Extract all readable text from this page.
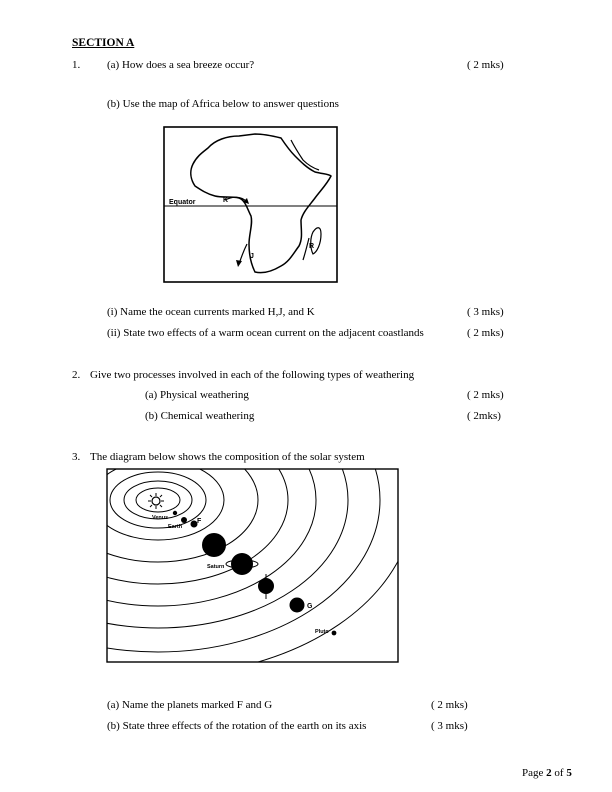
SECTION A
1. (a) How does a sea breeze occur?	( 2 mks)
(b) Use the map of Africa below to answer questions
Equator	K
J
R
(i) Name the ocean currents marked H,J, and K	( 3 mks)
(ii) State two effects of a warm ocean current on the adjacent coastlands	( 2 mks)
2. Give two processes involved in each of the following types of weathering
(a) Physical weathering	( 2 mks)
(b) Chemical weathering	( 2mks)
3. The diagram below shows the composition of the solar system
Venus
Earth
F
Saturn
G
Pluto
(a) Name the planets marked F and G	( 2 mks)
(b) State three effects of the rotation of the earth on its axis	( 3 mks)
Page 2 of 5
